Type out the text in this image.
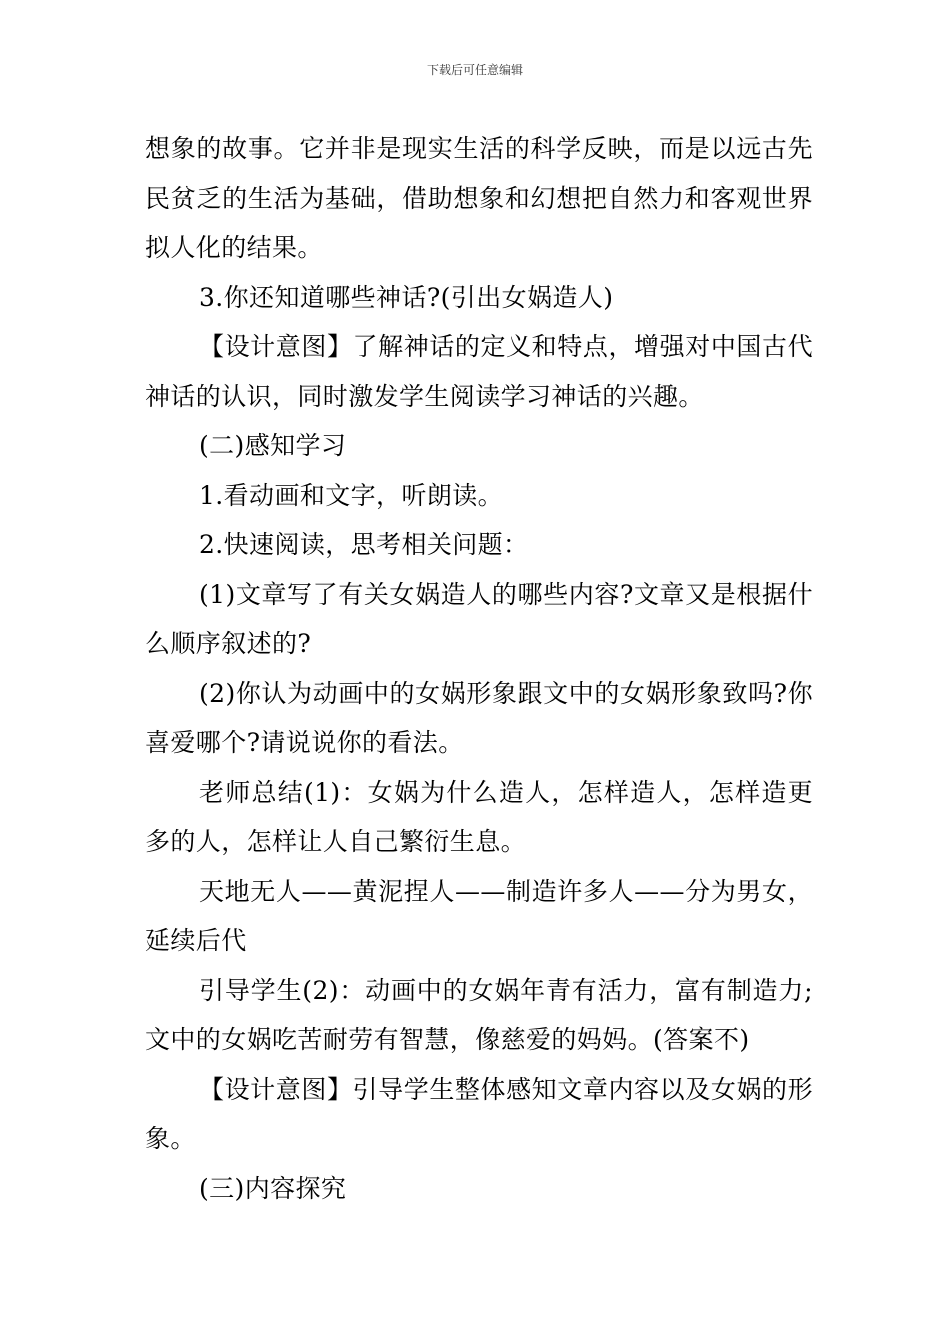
下载后可任意编辑

想象的故事。它并非是现实生活的科学反映，而是以远古先民贫乏的生活为基础，借助想象和幻想把自然力和客观世界拟人化的结果。

3.你还知道哪些神话?(引出女娲造人)

【设计意图】了解神话的定义和特点，增强对中国古代神话的认识，同时激发学生阅读学习神话的兴趣。

(二)感知学习

1.看动画和文字，听朗读。

2.快速阅读，思考相关问题：

(1)文章写了有关女娲造人的哪些内容?文章又是根据什么顺序叙述的?

(2)你认为动画中的女娲形象跟文中的女娲形象致吗?你喜爱哪个?请说说你的看法。

老师总结(1)：女娲为什么造人，怎样造人，怎样造更多的人，怎样让人自己繁衍生息。

天地无人——黄泥捏人——制造许多人——分为男女，延续后代

引导学生(2)：动画中的女娲年青有活力，富有制造力;文中的女娲吃苦耐劳有智慧，像慈爱的妈妈。(答案不)

【设计意图】引导学生整体感知文章内容以及女娲的形象。

(三)内容探究
